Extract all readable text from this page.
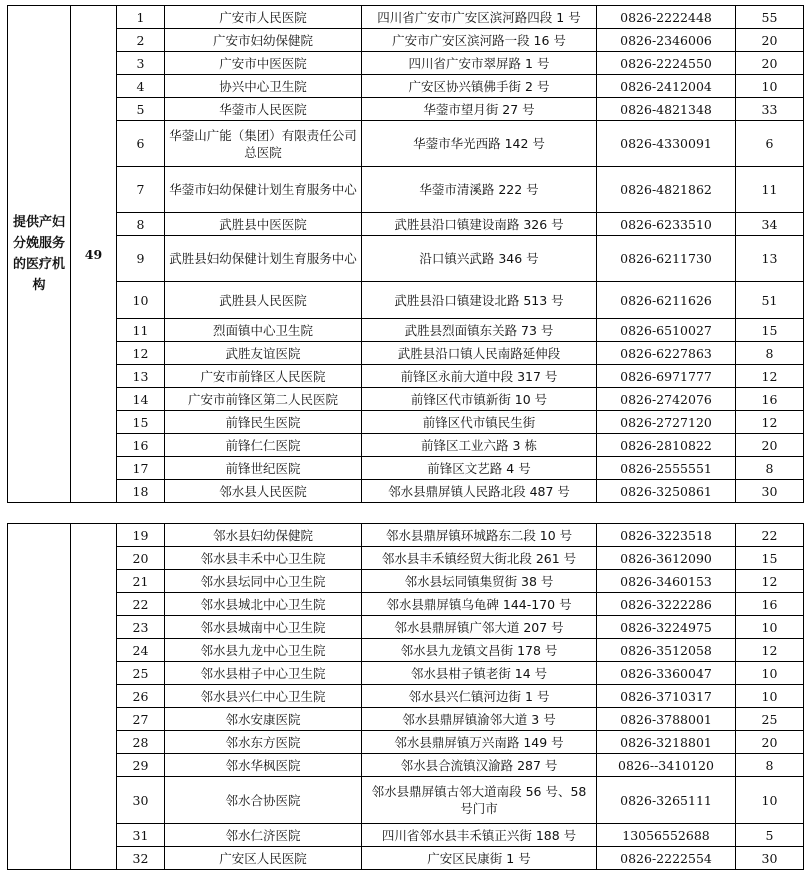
提供产妇分娩服务的医疗机构	49	1	广安市人民医院	四川省广安市广安区滨河路四段 1 号	0826-2222448	55
		2	广安市妇幼保健院	广安市广安区滨河路一段 16 号	0826-2346006	20
		3	广安市中医医院	四川省广安市翠屏路 1 号	0826-2224550	20
		4	协兴中心卫生院	广安区协兴镇佛手街 2 号	0826-2412004	10
		5	华蓥市人民医院	华蓥市望月街 27 号	0826-4821348	33
		6	华蓥山广能（集团）有限责任公司总医院	华蓥市华光西路 142 号	0826-4330091	6
		7	华蓥市妇幼保健计划生育服务中心	华蓥市清溪路 222 号	0826-4821862	11
		8	武胜县中医医院	武胜县沿口镇建设南路 326 号	0826-6233510	34
		9	武胜县妇幼保健计划生育服务中心	沿口镇兴武路 346 号	0826-6211730	13
		10	武胜县人民医院	武胜县沿口镇建设北路 513 号	0826-6211626	51
		11	烈面镇中心卫生院	武胜县烈面镇东关路 73 号	0826-6510027	15
		12	武胜友谊医院	武胜县沿口镇人民南路延伸段	0826-6227863	8
		13	广安市前锋区人民医院	前锋区永前大道中段 317 号	0826-6971777	12
		14	广安市前锋区第二人民医院	前锋区代市镇新街 10 号	0826-2742076	16
		15	前锋民生医院	前锋区代市镇民生街	0826-2727120	12
		16	前锋仁仁医院	前锋区工业六路 3 栋	0826-2810822	20
		17	前锋世纪医院	前锋区文艺路 4 号	0826-2555551	8
		18	邻水县人民医院	邻水县鼎屏镇人民路北段 487 号	0826-3250861	30
		19	邻水县妇幼保健院	邻水县鼎屏镇环城路东二段 10 号	0826-3223518	22
		20	邻水县丰禾中心卫生院	邻水县丰禾镇经贸大街北段 261 号	0826-3612090	15
		21	邻水县坛同中心卫生院	邻水县坛同镇集贸街 38 号	0826-3460153	12
		22	邻水县城北中心卫生院	邻水县鼎屏镇乌龟碑 144-170 号	0826-3222286	16
		23	邻水县城南中心卫生院	邻水县鼎屏镇广邻大道 207 号	0826-3224975	10
		24	邻水县九龙中心卫生院	邻水县九龙镇文昌街 178 号	0826-3512058	12
		25	邻水县柑子中心卫生院	邻水县柑子镇老街 14 号	0826-3360047	10
		26	邻水县兴仁中心卫生院	邻水县兴仁镇河边街 1 号	0826-3710317	10
		27	邻水安康医院	邻水县鼎屏镇渝邻大道 3 号	0826-3788001	25
		28	邻水东方医院	邻水县鼎屏镇万兴南路 149 号	0826-3218801	20
		29	邻水华枫医院	邻水县合流镇汉渝路 287 号	0826--3410120	8
		30	邻水合协医院	邻水县鼎屏镇古邻大道南段 56 号、58 号门市	0826-3265111	10
		31	邻水仁济医院	四川省邻水县丰禾镇正兴街 188 号	13056552688	5
		32	广安区人民医院	广安区民康街 1 号	0826-2222554	30
